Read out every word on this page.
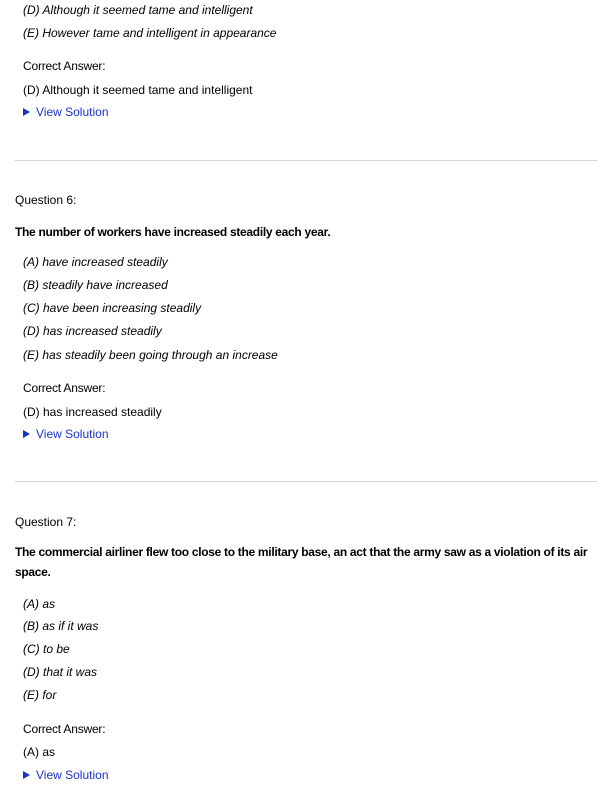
(D) Although it seemed tame and intelligent
(E) However tame and intelligent in appearance
Correct Answer:
(D) Although it seemed tame and intelligent
View Solution
Question 6:
The number of workers have increased steadily each year.
(A) have increased steadily
(B) steadily have increased
(C) have been increasing steadily
(D) has increased steadily
(E) has steadily been going through an increase
Correct Answer:
(D) has increased steadily
View Solution
Question 7:
The commercial airliner flew too close to the military base, an act that the army saw as a violation of its air space.
(A) as
(B) as if it was
(C) to be
(D) that it was
(E) for
Correct Answer:
(A) as
View Solution
